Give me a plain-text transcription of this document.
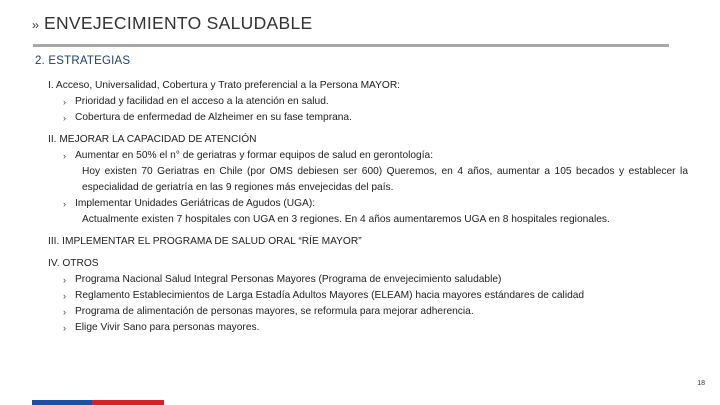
›› ENVEJECIMIENTO SALUDABLE
2. ESTRATEGIAS
I. Acceso, Universalidad, Cobertura y Trato preferencial a la Persona MAYOR:
› Prioridad y facilidad en el acceso a la atención en salud.
› Cobertura de enfermedad de Alzheimer en su fase temprana.
II. MEJORAR LA CAPACIDAD DE ATENCIÓN
› Aumentar en 50% el n° de geriatras y formar equipos de salud en gerontología:
Hoy existen 70 Geriatras en Chile (por OMS debiesen ser 600) Queremos, en 4 años, aumentar a 105 becados y establecer la especialidad de geriatría en las 9 regiones más envejecidas del país.
› Implementar Unidades Geriátricas de Agudos (UGA):
Actualmente existen 7 hospitales con UGA en 3 regiones. En 4 años aumentaremos UGA en 8 hospitales regionales.
III. IMPLEMENTAR EL PROGRAMA DE SALUD ORAL “RÍE MAYOR”
IV. OTROS
› Programa Nacional Salud Integral Personas Mayores (Programa de envejecimiento saludable)
› Reglamento Establecimientos de Larga Estadía Adultos Mayores (ELEAM) hacia mayores estándares de calidad
› Programa de alimentación de personas mayores, se reformula para mejorar adherencia.
› Elige Vivir Sano para personas mayores.
18
